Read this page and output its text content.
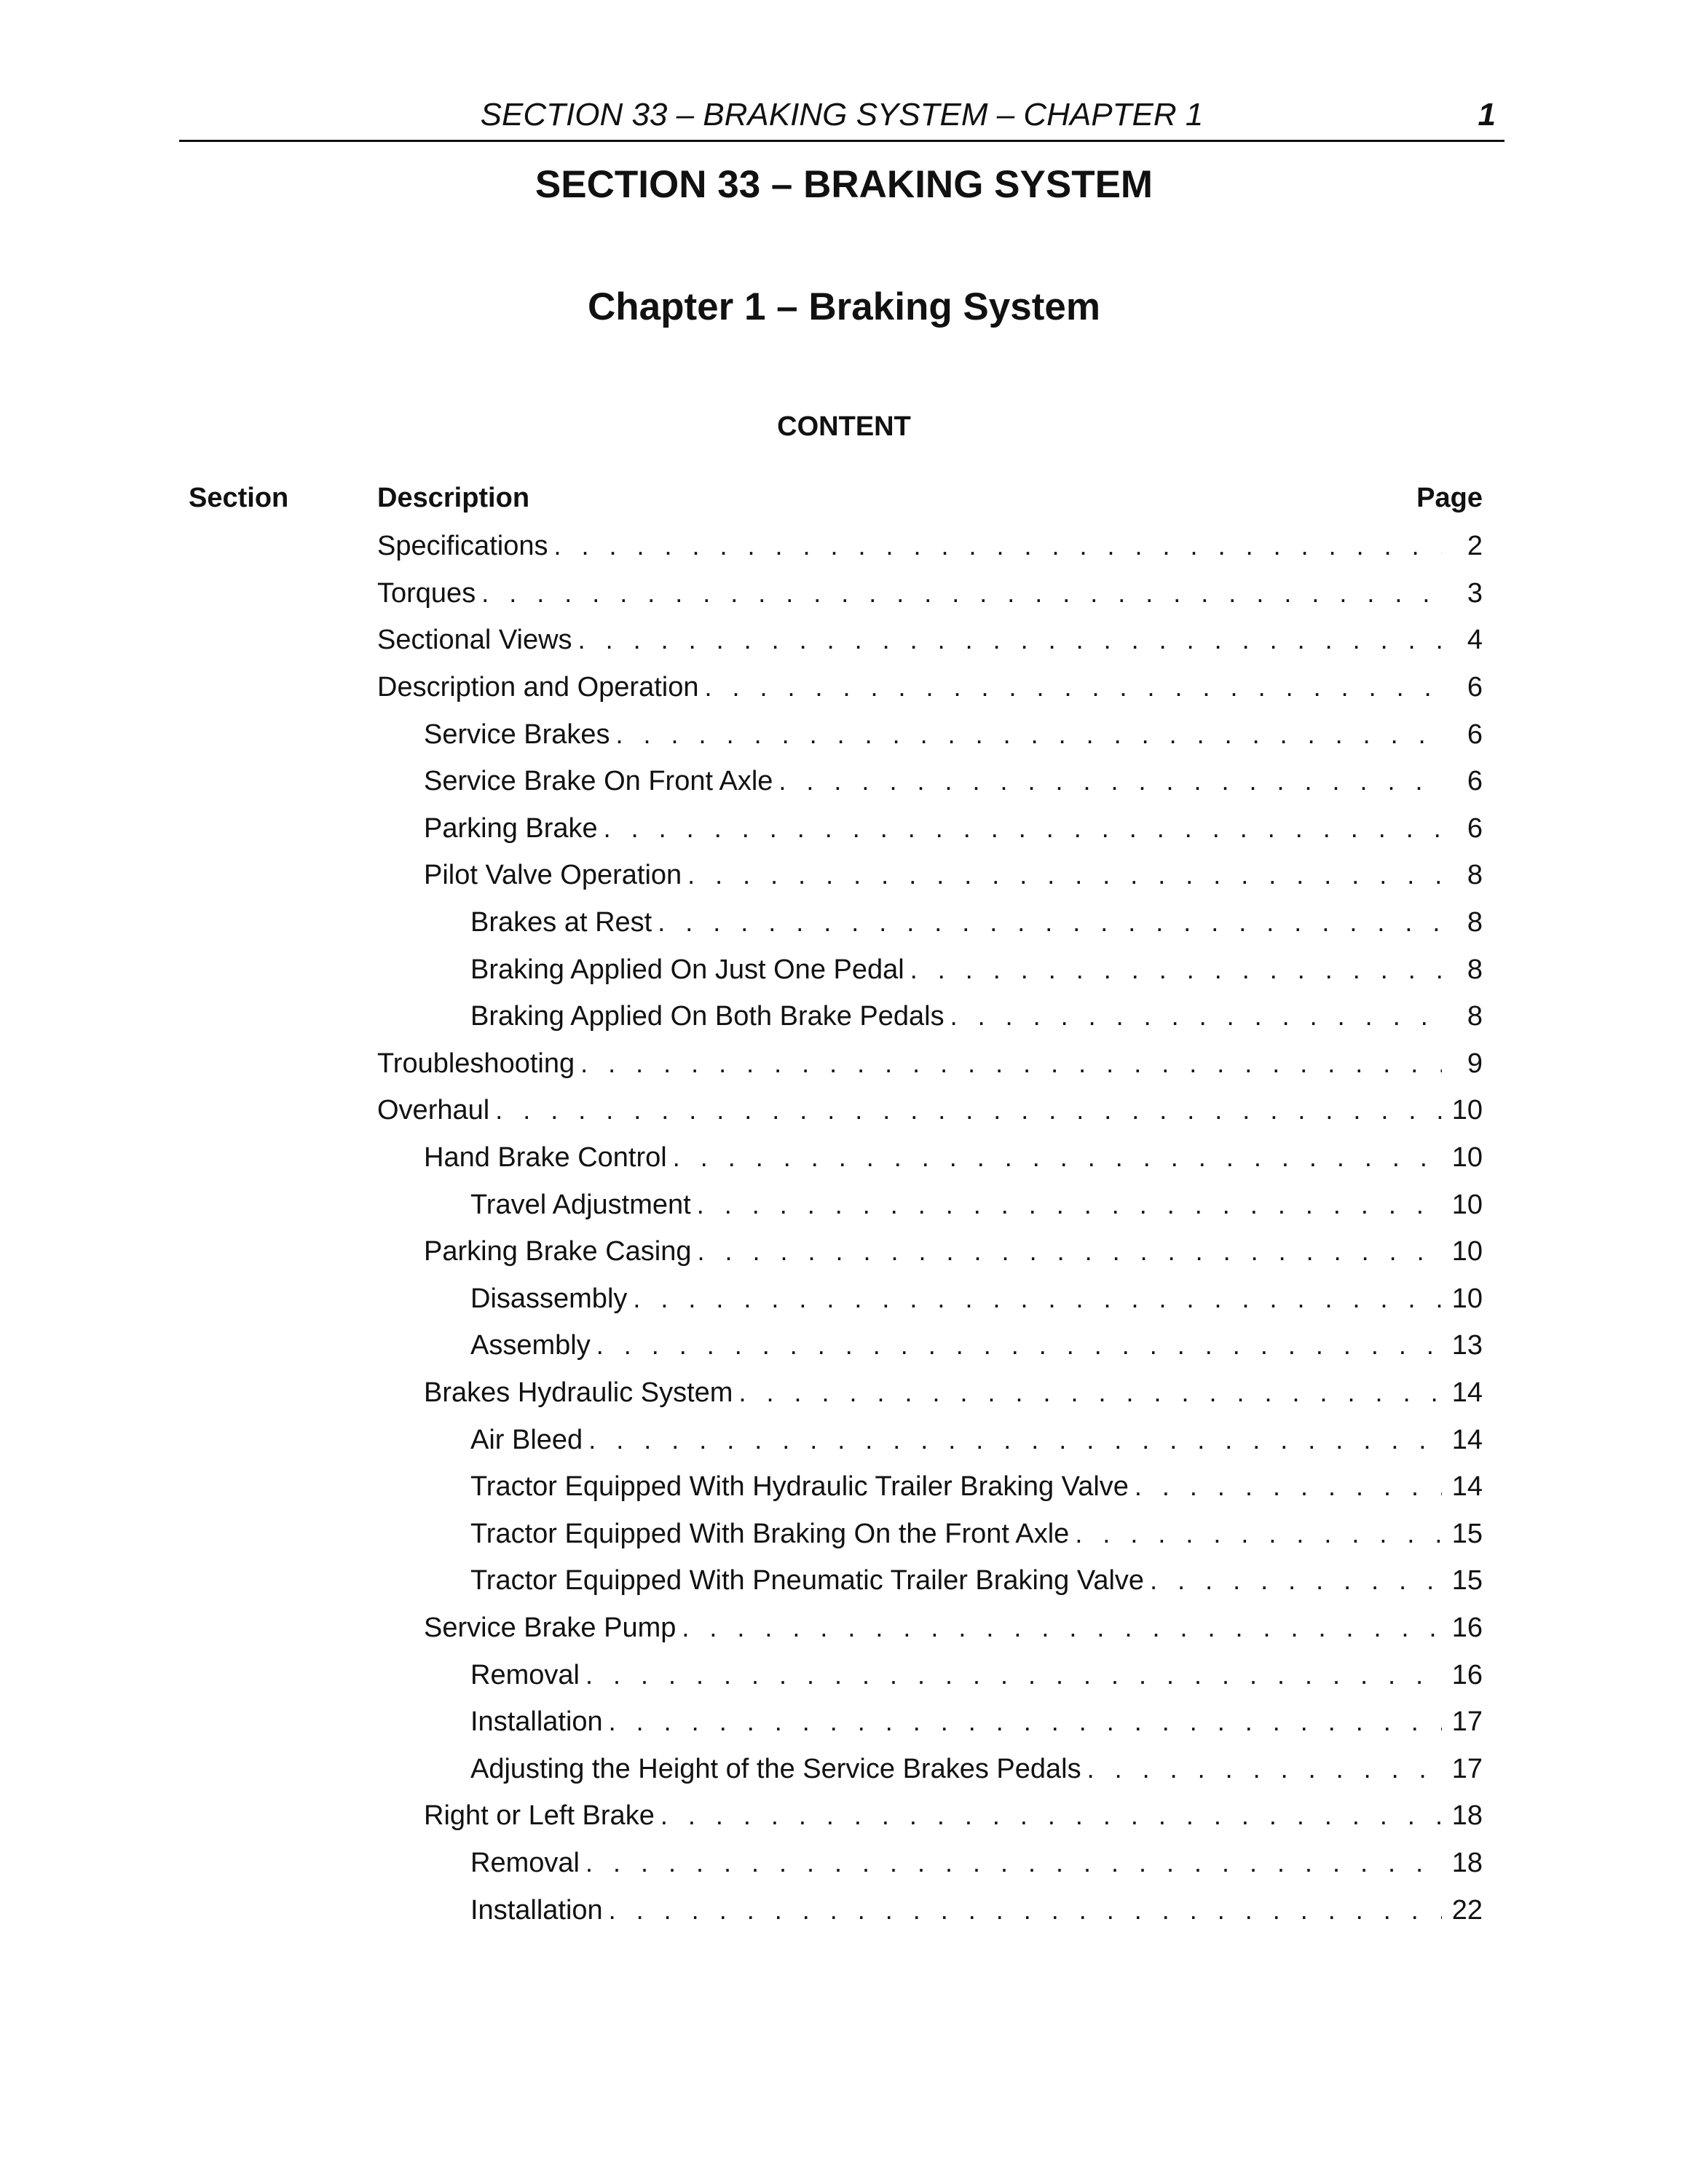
SECTION 33 – BRAKING SYSTEM – CHAPTER 1	1
SECTION 33 – BRAKING SYSTEM
Chapter 1 – Braking System
CONTENT
Section	Description	Page
Specifications . . .	2
Torques . . .	3
Sectional Views . . .	4
Description and Operation . . .	6
Service Brakes . . .	6
Service Brake On Front Axle . . .	6
Parking Brake . . .	6
Pilot Valve Operation . . .	8
Brakes at Rest . . .	8
Braking Applied On Just One Pedal . . .	8
Braking Applied On Both Brake Pedals . . .	8
Troubleshooting . . .	9
Overhaul . . .	10
Hand Brake Control . . .	10
Travel Adjustment . . .	10
Parking Brake Casing . . .	10
Disassembly . . .	10
Assembly . . .	13
Brakes Hydraulic System . . .	14
Air Bleed . . .	14
Tractor Equipped With Hydraulic Trailer Braking Valve . . .	14
Tractor Equipped With Braking On the Front Axle . . .	15
Tractor Equipped With Pneumatic Trailer Braking Valve . . .	15
Service Brake Pump . . .	16
Removal . . .	16
Installation . . .	17
Adjusting the Height of the Service Brakes Pedals . . .	17
Right or Left Brake . . .	18
Removal . . .	18
Installation . . .	22
